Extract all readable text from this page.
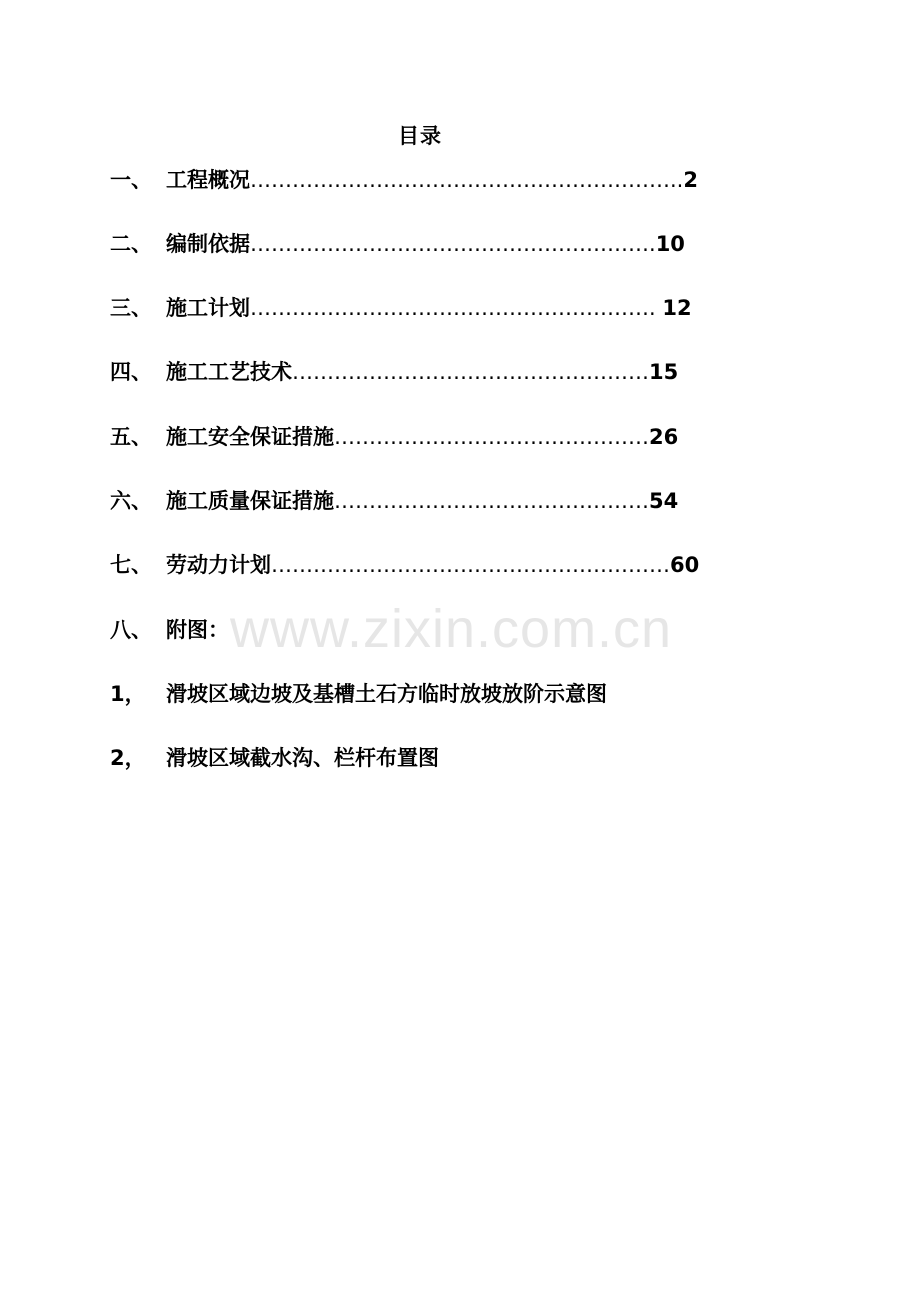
目录
www.zixin.com.cn
一、 工程概况……………………………………………………..2
二、 编制依据………………………………………………….10
三、 施工计划…………………………………………………. 12
四、 施工工艺技术……………………………………………15
五、 施工安全保证措施………………………………………26
六、 施工质量保证措施………………………………………54
七、 劳动力计划…………………………………………………60
八、 附图：
1， 滑坡区域边坡及基槽土石方临时放坡放阶示意图
2， 滑坡区域截水沟、栏杆布置图
